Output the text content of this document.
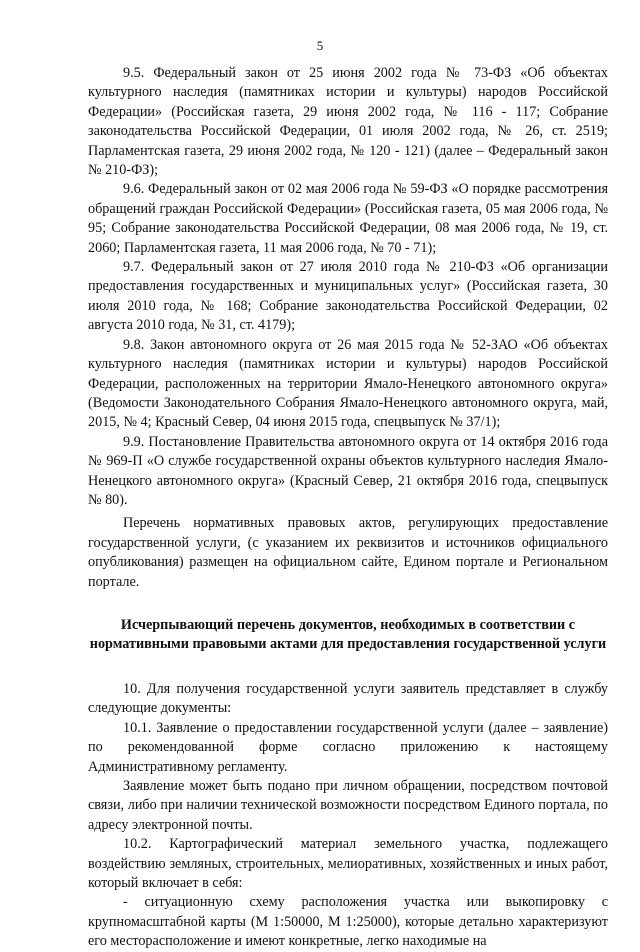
5

9.5. Федеральный закон от 25 июня 2002 года № 73-ФЗ «Об объектах культурного наследия (памятниках истории и культуры) народов Российской Федерации» (Российская газета, 29 июня 2002 года, № 116 - 117; Собрание законодательства Российской Федерации, 01 июля 2002 года, № 26, ст. 2519; Парламентская газета, 29 июня 2002 года, № 120 - 121) (далее – Федеральный закон № 210-ФЗ);

9.6. Федеральный закон от 02 мая 2006 года № 59-ФЗ «О порядке рассмотрения обращений граждан Российской Федерации» (Российская газета, 05 мая 2006 года, № 95; Собрание законодательства Российской Федерации, 08 мая 2006 года, № 19, ст. 2060; Парламентская газета, 11 мая 2006 года, № 70 - 71);

9.7. Федеральный закон от 27 июля 2010 года № 210-ФЗ «Об организации предоставления государственных и муниципальных услуг» (Российская газета, 30 июля 2010 года, № 168; Собрание законодательства Российской Федерации, 02 августа 2010 года, № 31, ст. 4179);

9.8. Закон автономного округа от 26 мая 2015 года № 52-ЗАО «Об объектах культурного наследия (памятниках истории и культуры) народов Российской Федерации, расположенных на территории Ямало-Ненецкого автономного округа» (Ведомости Законодательного Собрания Ямало-Ненецкого автономного округа, май, 2015, № 4; Красный Север, 04 июня 2015 года, спецвыпуск № 37/1);

9.9. Постановление Правительства автономного округа от 14 октября 2016 года № 969-П «О службе государственной охраны объектов культурного наследия Ямало-Ненецкого автономного округа» (Красный Север, 21 октября 2016 года, спецвыпуск № 80).

Перечень нормативных правовых актов, регулирующих предоставление государственной услуги, (с указанием их реквизитов и источников официального опубликования) размещен на официальном сайте, Едином портале и Региональном портале.

Исчерпывающий перечень документов, необходимых в соответствии с нормативными правовыми актами для предоставления государственной услуги

10. Для получения государственной услуги заявитель представляет в службу следующие документы:

10.1. Заявление о предоставлении государственной услуги (далее – заявление) по рекомендованной форме согласно приложению к настоящему Административному регламенту.

Заявление может быть подано при личном обращении, посредством почтовой связи, либо при наличии технической возможности посредством Единого портала, по адресу электронной почты.

10.2. Картографический материал земельного участка, подлежащего воздействию земляных, строительных, мелиоративных, хозяйственных и иных работ, который включает в себя:

- ситуационную схему расположения участка или выкопировку с крупномасштабной карты (М 1:50000, М 1:25000), которые детально характеризуют его месторасположение и имеют конкретные, легко находимые на
